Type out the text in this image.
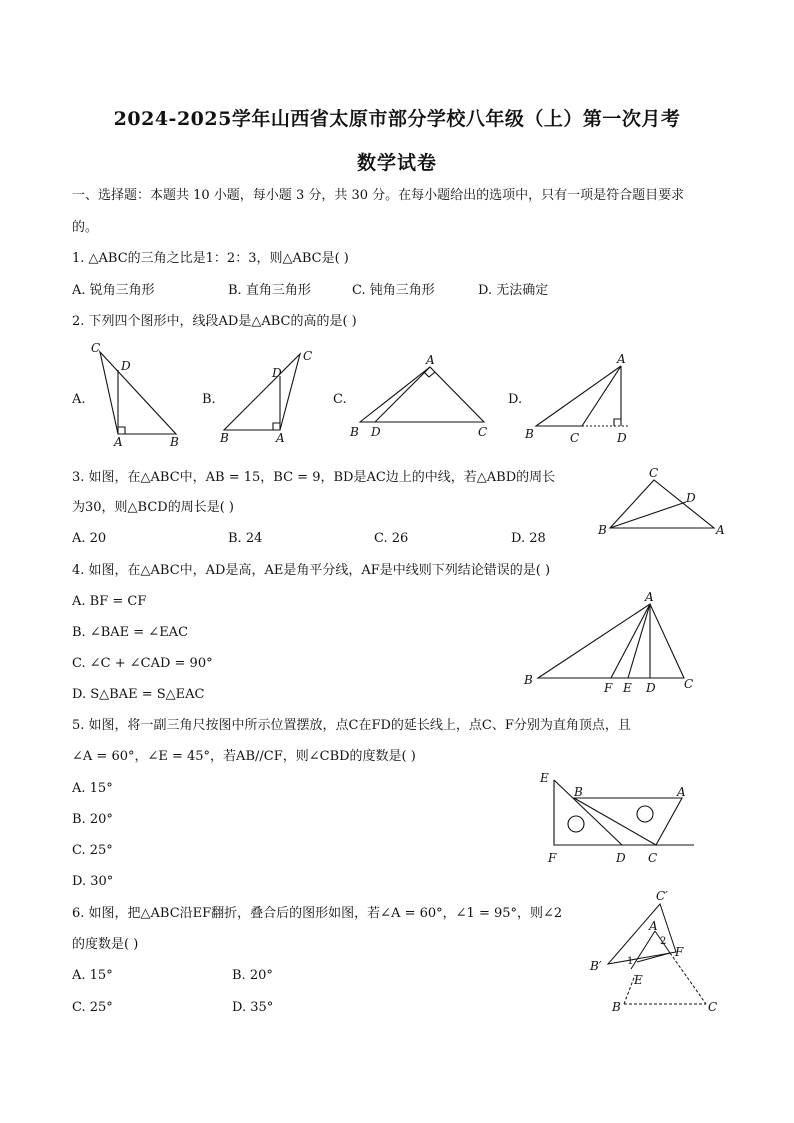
2024-2025学年山西省太原市部分学校八年级（上）第一次月考
数学试卷
一、选择题：本题共 10 小题，每小题 3 分，共 30 分。在每小题给出的选项中，只有一项是符合题目要求
的。
1. △ABC的三角之比是1：2：3，则△ABC是( )
A. 锐角三角形	B. 直角三角形	C. 钝角三角形	D. 无法确定
2. 下列四个图形中，线段AD是△ABC的高的是( )
A.	B.	C.	D.
C
D
A	B
C
D
B	A
A
B D	C
A
B	C	D
3. 如图，在△ABC中，AB = 15，BC = 9，BD是AC边上的中线，若△ABD的周长
为30，则△BCD的周长是( )
A. 20	B. 24	C. 26	D. 28
C
D
B	A
4. 如图，在△ABC中，AD是高，AE是角平分线，AF是中线则下列结论错误的是( )
A. BF = CF
B. ∠BAE = ∠EAC
C. ∠C + ∠CAD = 90°
D. S△BAE = S△EAC
A
B
F E D C
5. 如图，将一副三角尺按图中所示位置摆放，点C在FD的延长线上，点C、F分别为直角顶点，且
∠A = 60°，∠E = 45°，若AB//CF，则∠CBD的度数是( )
A. 15°
B. 20°
C. 25°
D. 30°
E
B	A
F	D C
6. 如图，把△ABC沿EF翻折，叠合后的图形如图，若∠A = 60°，∠1 = 95°，则∠2
的度数是( )
A. 15°	B. 20°
C. 25°	D. 35°
C′
A
2
B′	1
F
E
B	C
